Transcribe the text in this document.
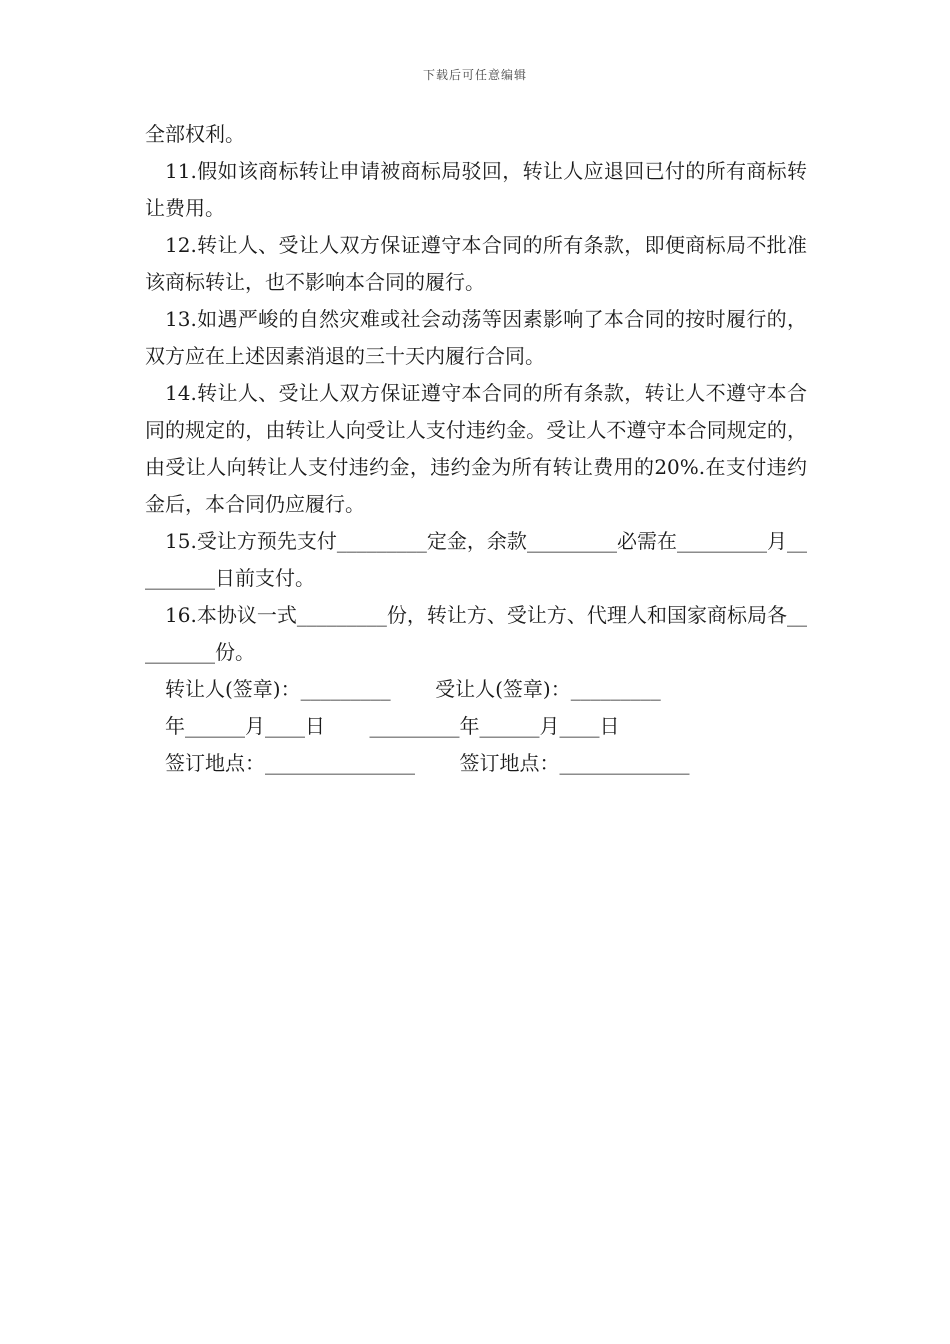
下载后可任意编辑

全部权利。

11.假如该商标转让申请被商标局驳回，转让人应退回已付的所有商标转让费用。

12.转让人、受让人双方保证遵守本合同的所有条款，即便商标局不批准该商标转让，也不影响本合同的履行。

13.如遇严峻的自然灾难或社会动荡等因素影响了本合同的按时履行的，双方应在上述因素消退的三十天内履行合同。

14.转让人、受让人双方保证遵守本合同的所有条款，转让人不遵守本合同的规定的，由转让人向受让人支付违约金。受让人不遵守本合同规定的，由受让人向转让人支付违约金，违约金为所有转让费用的20%.在支付违约金后，本合同仍应履行。

15.受让方预先支付_________定金，余款_________必需在_________月_________日前支付。

16.本协议一式_________份，转让方、受让方、代理人和国家商标局各_________份。

转让人(签章)：_________       受让人(签章)：_________

年______月____日       _________年______月____日

签订地点：_______________       签订地点：_____________
